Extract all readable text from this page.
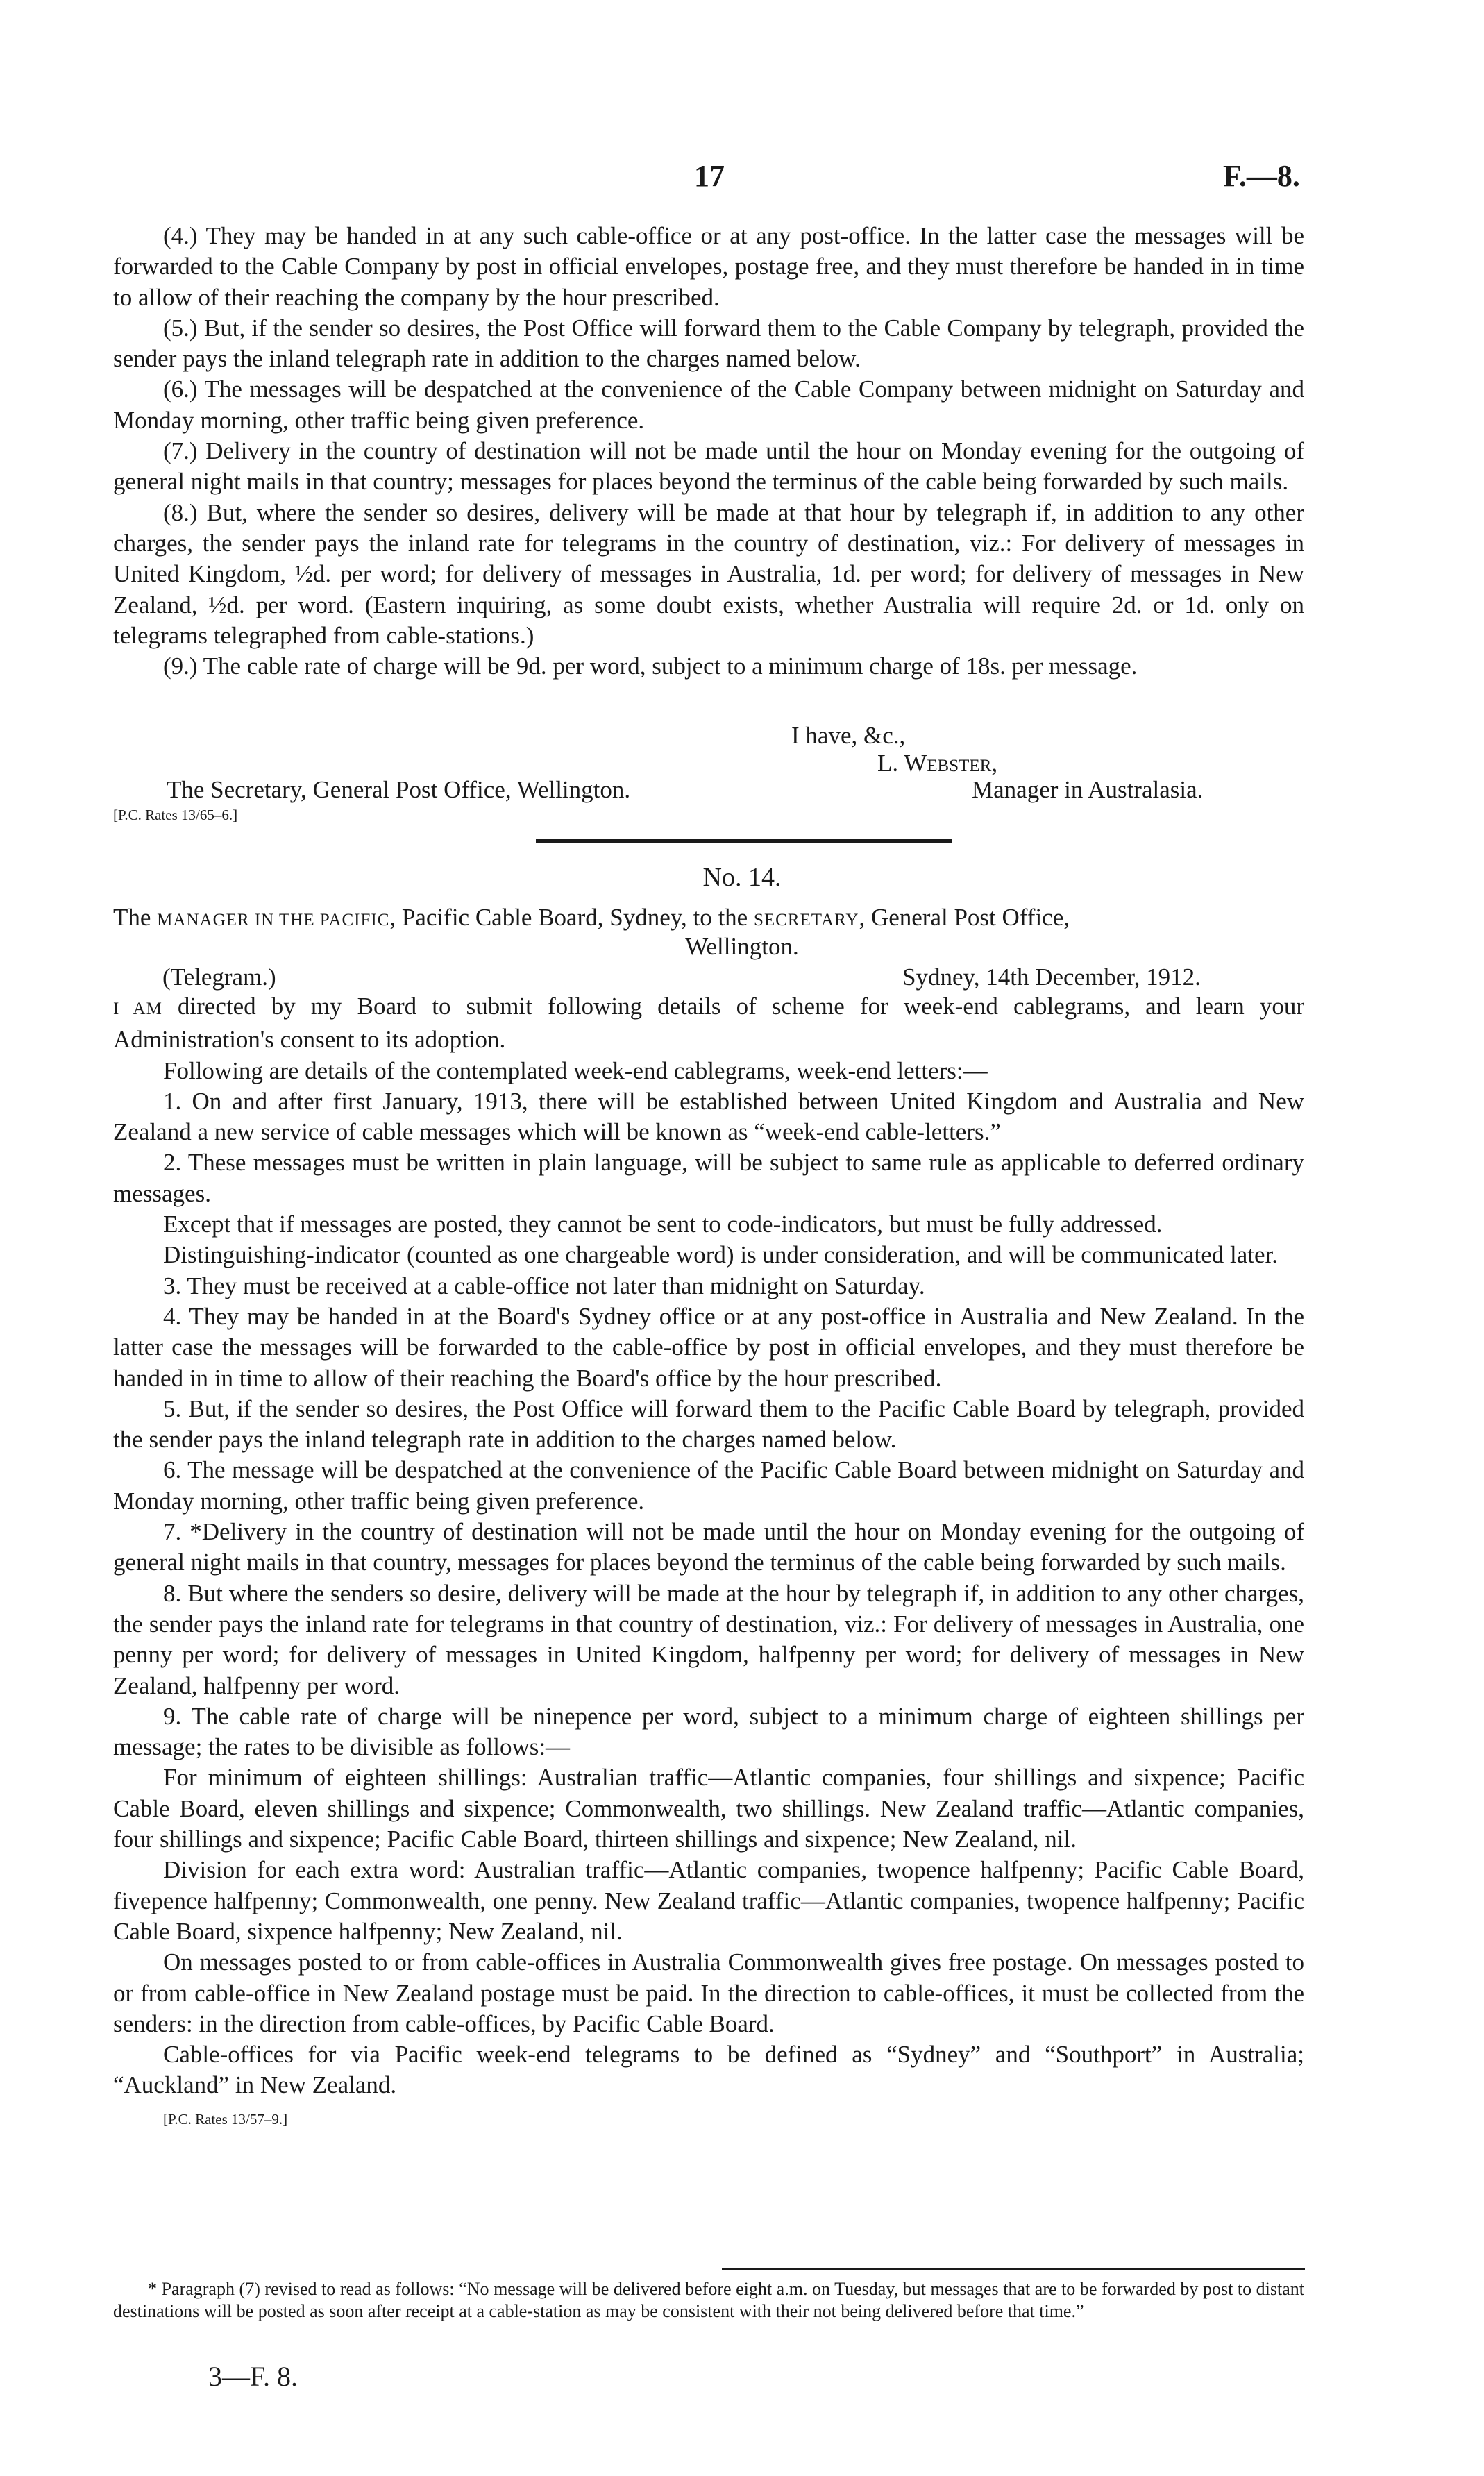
17	F.—8.

(4.) They may be handed in at any such cable-office or at any post-office. In the latter case the messages will be forwarded to the Cable Company by post in official envelopes, postage free, and they must therefore be handed in in time to allow of their reaching the company by the hour prescribed.

(5.) But, if the sender so desires, the Post Office will forward them to the Cable Company by telegraph, provided the sender pays the inland telegraph rate in addition to the charges named below.

(6.) The messages will be despatched at the convenience of the Cable Company between midnight on Saturday and Monday morning, other traffic being given preference.

(7.) Delivery in the country of destination will not be made until the hour on Monday evening for the outgoing of general night mails in that country; messages for places beyond the terminus of the cable being forwarded by such mails.

(8.) But, where the sender so desires, delivery will be made at that hour by telegraph if, in addition to any other charges, the sender pays the inland rate for telegrams in the country of destination, viz.: For delivery of messages in United Kingdom, ½d. per word; for delivery of messages in Australia, 1d. per word; for delivery of messages in New Zealand, ½d. per word. (Eastern inquiring, as some doubt exists, whether Australia will require 2d. or 1d. only on telegrams telegraphed from cable-stations.)

(9.) The cable rate of charge will be 9d. per word, subject to a minimum charge of 18s. per message.

I have, &c.,
L. Webster,
The Secretary, General Post Office, Wellington.	Manager in Australasia.
[P.C. Rates 13/65–6.]
No. 14.
The MANAGER IN THE PACIFIC, Pacific Cable Board, Sydney, to the SECRETARY, General Post Office,
Wellington.
(Telegram.)	Sydney, 14th December, 1912.

I AM directed by my Board to submit following details of scheme for week-end cablegrams, and learn your Administration's consent to its adoption.

Following are details of the contemplated week-end cablegrams, week-end letters:—

1. On and after first January, 1913, there will be established between United Kingdom and Australia and New Zealand a new service of cable messages which will be known as “week-end cable-letters.”

2. These messages must be written in plain language, will be subject to same rule as applicable to deferred ordinary messages.

Except that if messages are posted, they cannot be sent to code-indicators, but must be fully addressed.

Distinguishing-indicator (counted as one chargeable word) is under consideration, and will be communicated later.

3. They must be received at a cable-office not later than midnight on Saturday.

4. They may be handed in at the Board's Sydney office or at any post-office in Australia and New Zealand. In the latter case the messages will be forwarded to the cable-office by post in official envelopes, and they must therefore be handed in in time to allow of their reaching the Board's office by the hour prescribed.

5. But, if the sender so desires, the Post Office will forward them to the Pacific Cable Board by telegraph, provided the sender pays the inland telegraph rate in addition to the charges named below.

6. The message will be despatched at the convenience of the Pacific Cable Board between midnight on Saturday and Monday morning, other traffic being given preference.

7. *Delivery in the country of destination will not be made until the hour on Monday evening for the outgoing of general night mails in that country, messages for places beyond the terminus of the cable being forwarded by such mails.

8. But where the senders so desire, delivery will be made at the hour by telegraph if, in addition to any other charges, the sender pays the inland rate for telegrams in that country of destination, viz.: For delivery of messages in Australia, one penny per word; for delivery of messages in United Kingdom, halfpenny per word; for delivery of messages in New Zealand, halfpenny per word.

9. The cable rate of charge will be ninepence per word, subject to a minimum charge of eighteen shillings per message; the rates to be divisible as follows:—

For minimum of eighteen shillings: Australian traffic—Atlantic companies, four shillings and sixpence; Pacific Cable Board, eleven shillings and sixpence; Commonwealth, two shillings. New Zealand traffic—Atlantic companies, four shillings and sixpence; Pacific Cable Board, thirteen shillings and sixpence; New Zealand, nil.

Division for each extra word: Australian traffic—Atlantic companies, twopence halfpenny; Pacific Cable Board, fivepence halfpenny; Commonwealth, one penny. New Zealand traffic—Atlantic companies, twopence halfpenny; Pacific Cable Board, sixpence halfpenny; New Zealand, nil.

On messages posted to or from cable-offices in Australia Commonwealth gives free postage. On messages posted to or from cable-office in New Zealand postage must be paid. In the direction to cable-offices, it must be collected from the senders: in the direction from cable-offices, by Pacific Cable Board.

Cable-offices for via Pacific week-end telegrams to be defined as “Sydney” and “Southport” in Australia; “Auckland” in New Zealand.

[P.C. Rates 13/57–9.]

* Paragraph (7) revised to read as follows: “No message will be delivered before eight a.m. on Tuesday, but messages that are to be forwarded by post to distant destinations will be posted as soon after receipt at a cable-station as may be consistent with their not being delivered before that time.”

3—F. 8.
